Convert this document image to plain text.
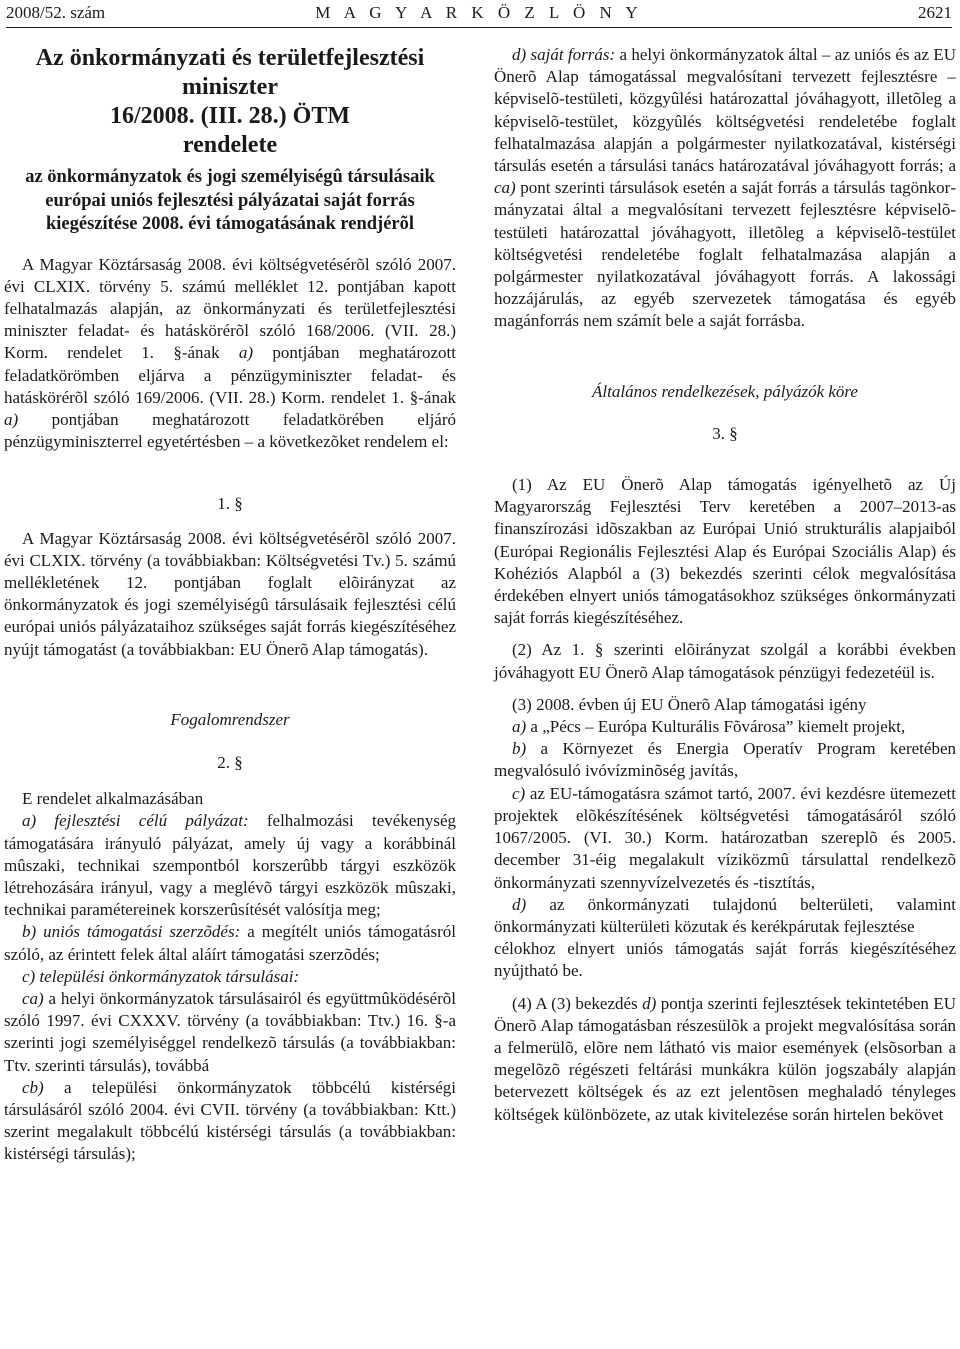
2008/52. szám	M A G Y A R K Ö Z L Ö N Y	2621
Az önkormányzati és területfejlesztési
miniszter
16/2008. (III. 28.) ÖTM
rendelete
az önkormányzatok és jogi személyiségû társulásaik
európai uniós fejlesztési pályázatai saját forrás
kiegészítése 2008. évi támogatásának rendjérõl

A Magyar Köztársaság 2008. évi költségvetésérõl szóló 2007. évi CLXIX. törvény 5. számú melléklet 12. pontjában kapott felhatalmazás alapján, az önkormányzati és területfejlesztési miniszter feladat- és hatáskörérõl szóló 168/2006. (VII. 28.) Korm. rendelet 1. §-ának a) pontjában meghatározott feladatkörömben eljárva a pénzügyminiszter feladat- és hatáskörérõl szóló 169/2006. (VII. 28.) Korm. rendelet 1. §-ának a) pontjában meghatározott feladatkörében eljáró pénzügyminiszterrel egyetértésben – a következõket rendelem el:

1. §

A Magyar Köztársaság 2008. évi költségvetésérõl szóló 2007. évi CLXIX. törvény (a továbbiakban: Költségvetési Tv.) 5. számú mellékletének 12. pontjában foglalt elõirányzat az önkormányzatok és jogi személyiségû társulásaik fejlesztési célú európai uniós pályázataihoz szükséges saját forrás kiegészítéséhez nyújt támogatást (a továbbiakban: EU Önerõ Alap támogatás).

Fogalomrendszer
2. §

E rendelet alkalmazásában

a) fejlesztési célú pályázat: felhalmozási tevékenység támogatására irányuló pályázat, amely új vagy a korábbinál mûszaki, technikai szempontból korszerûbb tárgyi eszközök létrehozására irányul, vagy a meglévõ tárgyi eszközök mûszaki, technikai paramétereinek korszerûsítését valósítja meg;

b) uniós támogatási szerzõdés: a megítélt uniós támogatásról szóló, az érintett felek által aláírt támogatási szerzõdés;

c) települési önkormányzatok társulásai:

ca) a helyi önkormányzatok társulásairól és együttmûködésérõl szóló 1997. évi CXXXV. törvény (a továbbiakban: Ttv.) 16. §-a szerinti jogi személyiséggel rendelkezõ társulás (a továbbiakban: Ttv. szerinti társulás), továbbá

cb) a települési önkormányzatok többcélú kistérségi társulásáról szóló 2004. évi CVII. törvény (a továbbiakban: Ktt.) szerint megalakult többcélú kistérségi társulás (a továbbiakban: kistérségi társulás);

d) saját forrás: a helyi önkormányzatok által – az uniós és az EU Önerõ Alap támogatással megvalósítani tervezett fejlesztésre – képviselõ-testületi, közgyûlési határozattal jóváhagyott, illetõleg a képviselõ-testület, közgyûlés költségvetési rendeletébe foglalt felhatalmazása alapján a polgármester nyilatkozatával, kistérségi társulás esetén a társulási tanács határozatával jóváhagyott forrás; a ca) pont szerinti társulások esetén a saját forrás a társulás tagönkormányzatai által a megvalósítani tervezett fejlesztésre képviselõ-testületi határozattal jóváhagyott, illetõleg a képviselõ-testület költségvetési rendeletébe foglalt felhatalmazása alapján a polgármester nyilatkozatával jóváhagyott forrás. A lakossági hozzájárulás, az egyéb szervezetek támogatása és egyéb magánforrás nem számít bele a saját forrásba.

Általános rendelkezések, pályázók köre
3. §

(1) Az EU Önerõ Alap támogatás igényelhetõ az Új Magyarország Fejlesztési Terv keretében a 2007–2013-as finanszírozási idõszakban az Európai Unió strukturális alapjaiból (Európai Regionális Fejlesztési Alap és Európai Szociális Alap) és Kohéziós Alapból a (3) bekezdés szerinti célok megvalósítása érdekében elnyert uniós támogatásokhoz szükséges önkormányzati saját forrás kiegészítéséhez.

(2) Az 1. § szerinti elõirányzat szolgál a korábbi években jóváhagyott EU Önerõ Alap támogatások pénzügyi fedezetéül is.

(3) 2008. évben új EU Önerõ Alap támogatási igény

a) a „Pécs – Európa Kulturális Fõvárosa” kiemelt projekt,

b) a Környezet és Energia Operatív Program keretében megvalósuló ivóvízminõség javítás,

c) az EU-támogatásra számot tartó, 2007. évi kezdésre ütemezett projektek elõkészítésének költségvetési támogatásáról szóló 1067/2005. (VI. 30.) Korm. határozatban szereplõ és 2005. december 31-éig megalakult víziközmû társulattal rendelkezõ önkormányzati szennyvízelvezetés és -tisztítás,

d) az önkormányzati tulajdonú belterületi, valamint önkormányzati külterületi közutak és kerékpárutak fejlesztése

célokhoz elnyert uniós támogatás saját forrás kiegészítéséhez nyújtható be.

(4) A (3) bekezdés d) pontja szerinti fejlesztések tekintetében EU Önerõ Alap támogatásban részesülõk a projekt megvalósítása során a felmerülõ, elõre nem látható vis maior események (elsõsorban a megelõzõ régészeti feltárási munkákra külön jogszabály alapján betervezett költségek és az ezt jelentõsen meghaladó tényleges költségek különbözete, az utak kivitelezése során hirtelen bekövet
